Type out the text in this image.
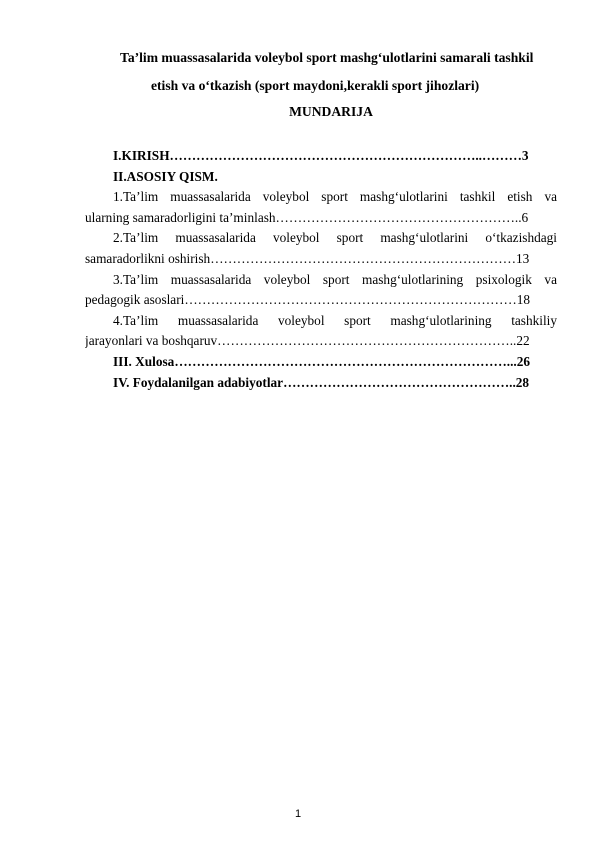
Ta’lim muassasalarida voleybol sport mashg‘ulotlarini samarali tashkil
etish va o‘tkazish (sport maydoni,kerakli sport jihozlari)
MUNDARIJA

I.KIRISH……………………………………………………………..………3

II.ASOSIY QISM.

1.Ta’lim muassasalarida voleybol sport mashg‘ulotlarini tashkil etish va

ularning samaradorligini ta’minlash………………………………………………..6

2.Ta’lim muassasalarida voleybol sport mashg‘ulotlarini o‘tkazishdagi

samaradorlikni oshirish……………………………………………………………13

3.Ta’lim muassasalarida voleybol sport mashg‘ulotlarining psixologik va

pedagogik asoslari…………………………………………………………………18

4.Ta’lim muassasalarida voleybol sport mashg‘ulotlarining tashkiliy

jarayonlari va boshqaruv…………………………………………………………..22

III. Xulosa…………………………………………………………………...26

IV. Foydalanilgan adabiyotlar……………………………………………..28

1
